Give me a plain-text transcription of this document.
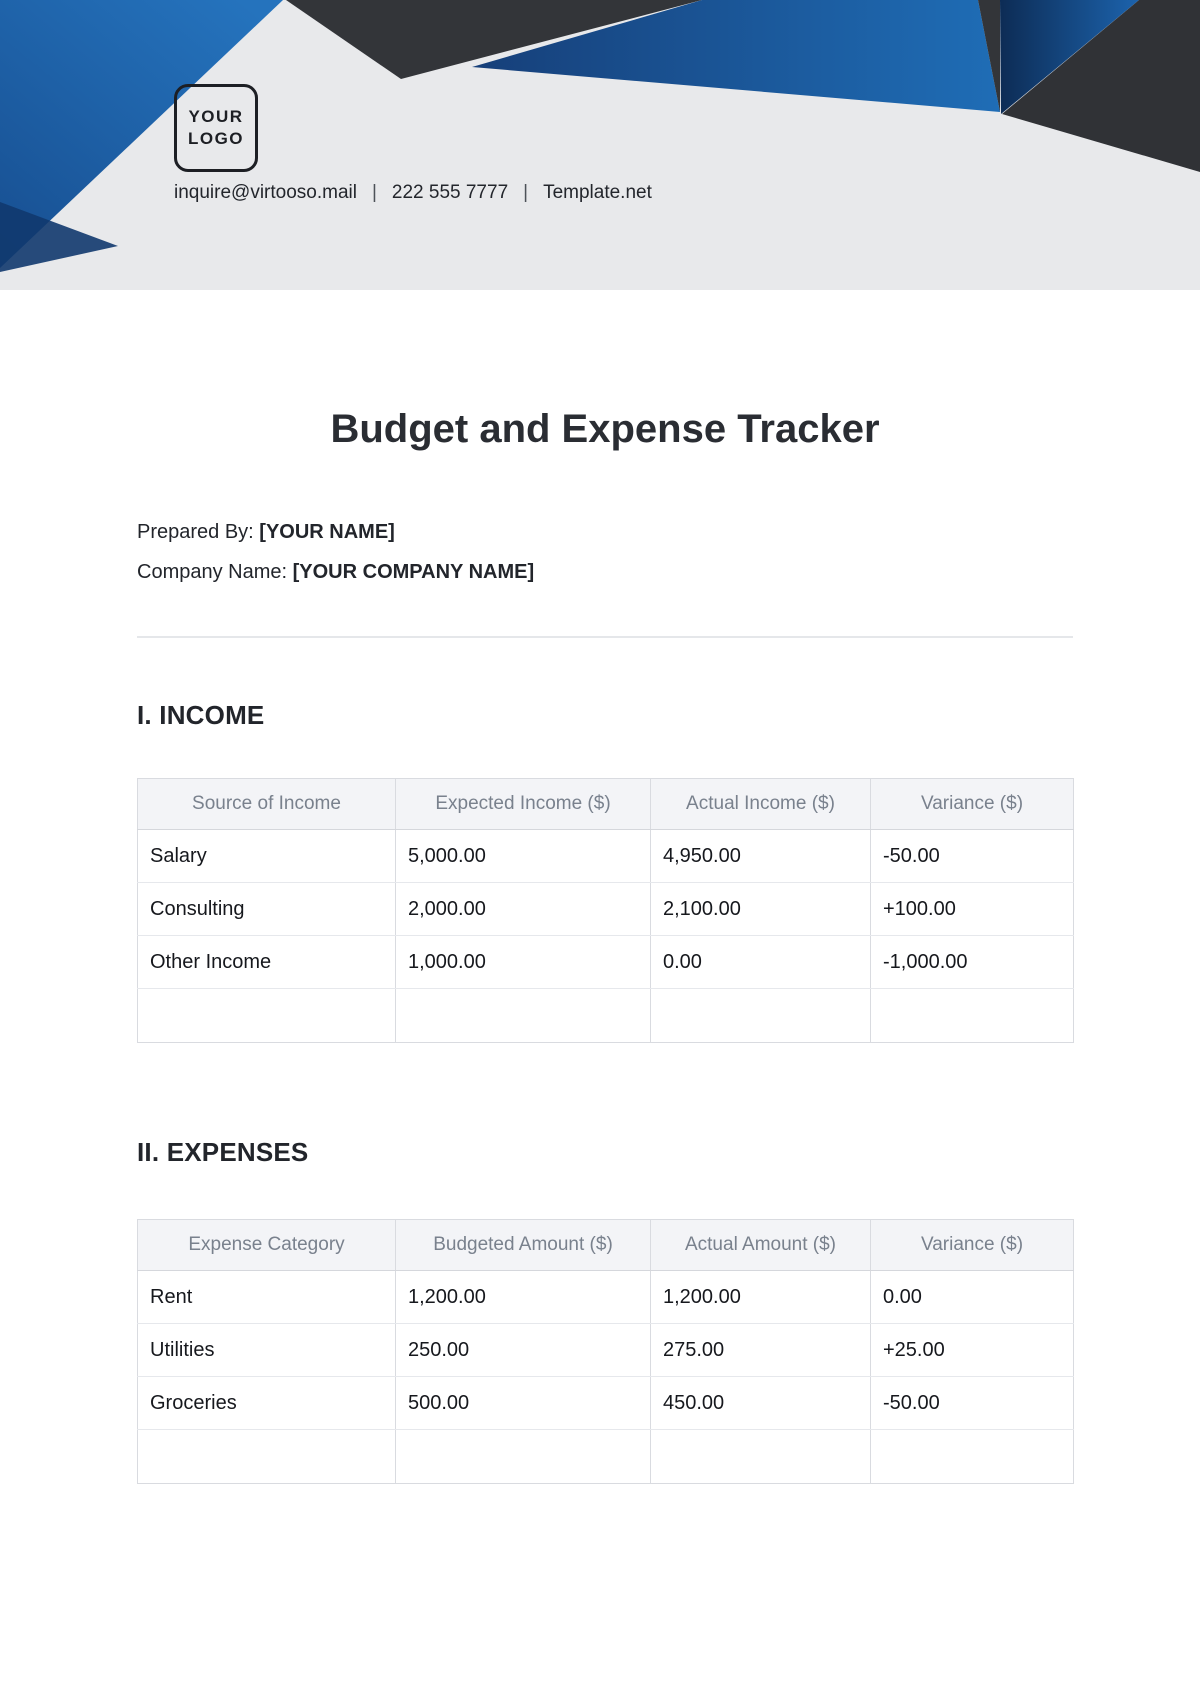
YOUR
LOGO
inquire@virtooso.mail | 222 555 7777 | Template.net
Budget and Expense Tracker
Prepared By: [YOUR NAME]
Company Name: [YOUR COMPANY NAME]
I. INCOME
Source of Income	Expected Income ($)	Actual Income ($)	Variance ($)
Salary	5,000.00	4,950.00	-50.00
Consulting	2,000.00	2,100.00	+100.00
Other Income	1,000.00	0.00	-1,000.00

II. EXPENSES
Expense Category	Budgeted Amount ($)	Actual Amount ($)	Variance ($)
Rent	1,200.00	1,200.00	0.00
Utilities	250.00	275.00	+25.00
Groceries	500.00	450.00	-50.00
